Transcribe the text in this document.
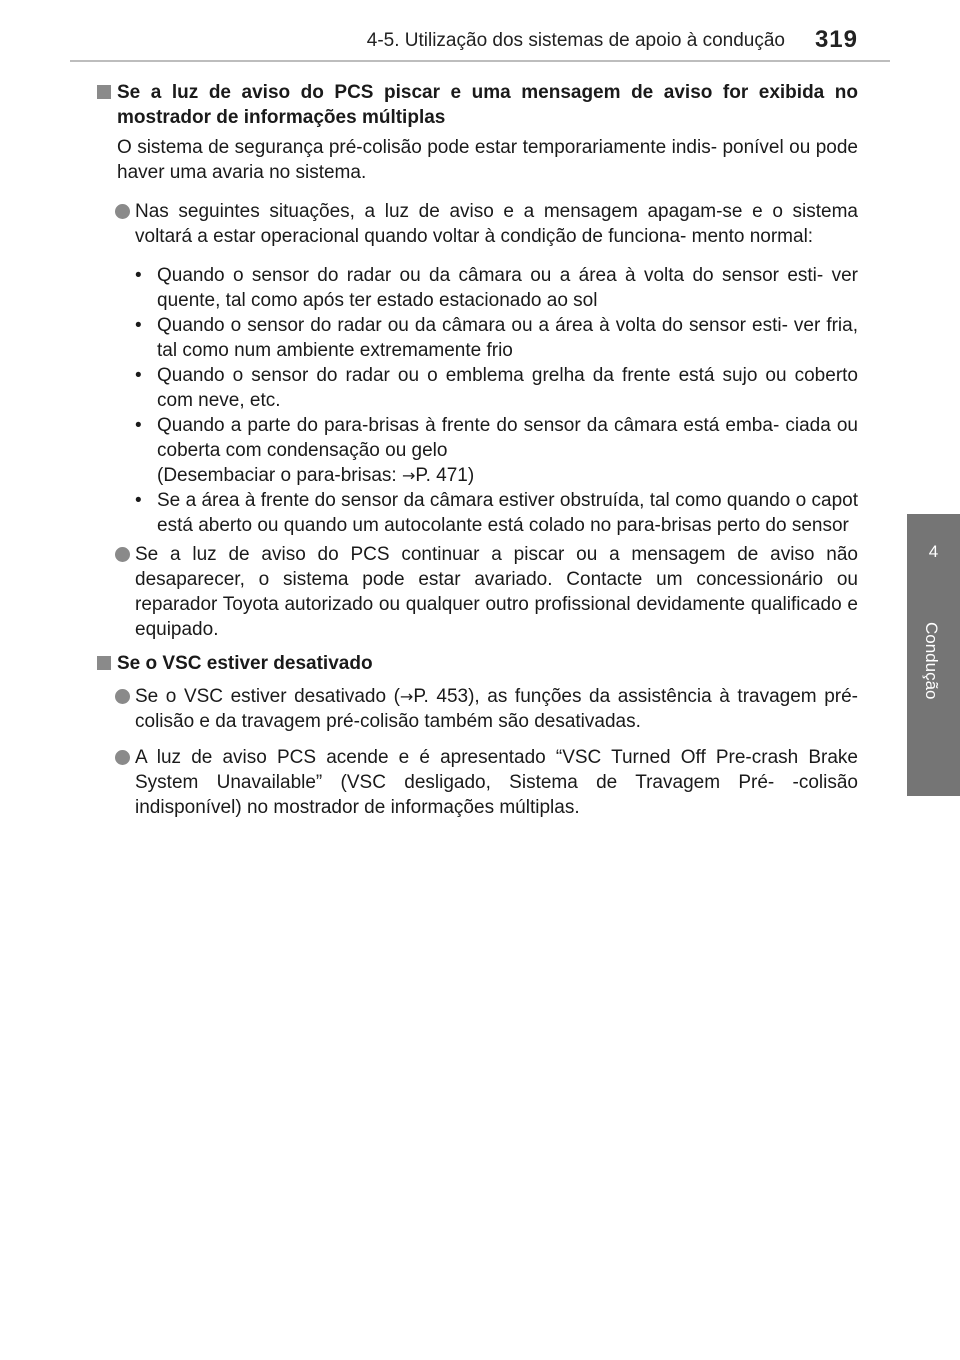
4-5. Utilização dos sistemas de apoio à condução 319
4
Condução
Se a luz de aviso do PCS piscar e uma mensagem de aviso for exibida no mostrador de informações múltiplas
O sistema de segurança pré-colisão pode estar temporariamente indis- ponível ou pode haver uma avaria no sistema.
Nas seguintes situações, a luz de aviso e a mensagem apagam-se e o sistema voltará a estar operacional quando voltar à condição de funciona- mento normal:
• Quando o sensor do radar ou da câmara ou a área à volta do sensor esti- ver quente, tal como após ter estado estacionado ao sol
• Quando o sensor do radar ou da câmara ou a área à volta do sensor esti- ver fria, tal como num ambiente extremamente frio
• Quando o sensor do radar ou o emblema grelha da frente está sujo ou coberto com neve, etc.
• Quando a parte do para-brisas à frente do sensor da câmara está emba- ciada ou coberta com condensação ou gelo
(Desembaciar o para-brisas: →P. 471)
• Se a área à frente do sensor da câmara estiver obstruída, tal como quando o capot está aberto ou quando um autocolante está colado no para-brisas perto do sensor
Se a luz de aviso do PCS continuar a piscar ou a mensagem de aviso não desaparecer, o sistema pode estar avariado. Contacte um concessionário ou reparador Toyota autorizado ou qualquer outro profissional devidamente qualificado e equipado.
Se o VSC estiver desativado
Se o VSC estiver desativado (→P. 453), as funções da assistência à travagem pré-colisão e da travagem pré-colisão também são desativadas.
A luz de aviso PCS acende e é apresentado “VSC Turned Off Pre-crash Brake System Unavailable” (VSC desligado, Sistema de Travagem Pré- -colisão indisponível) no mostrador de informações múltiplas.
